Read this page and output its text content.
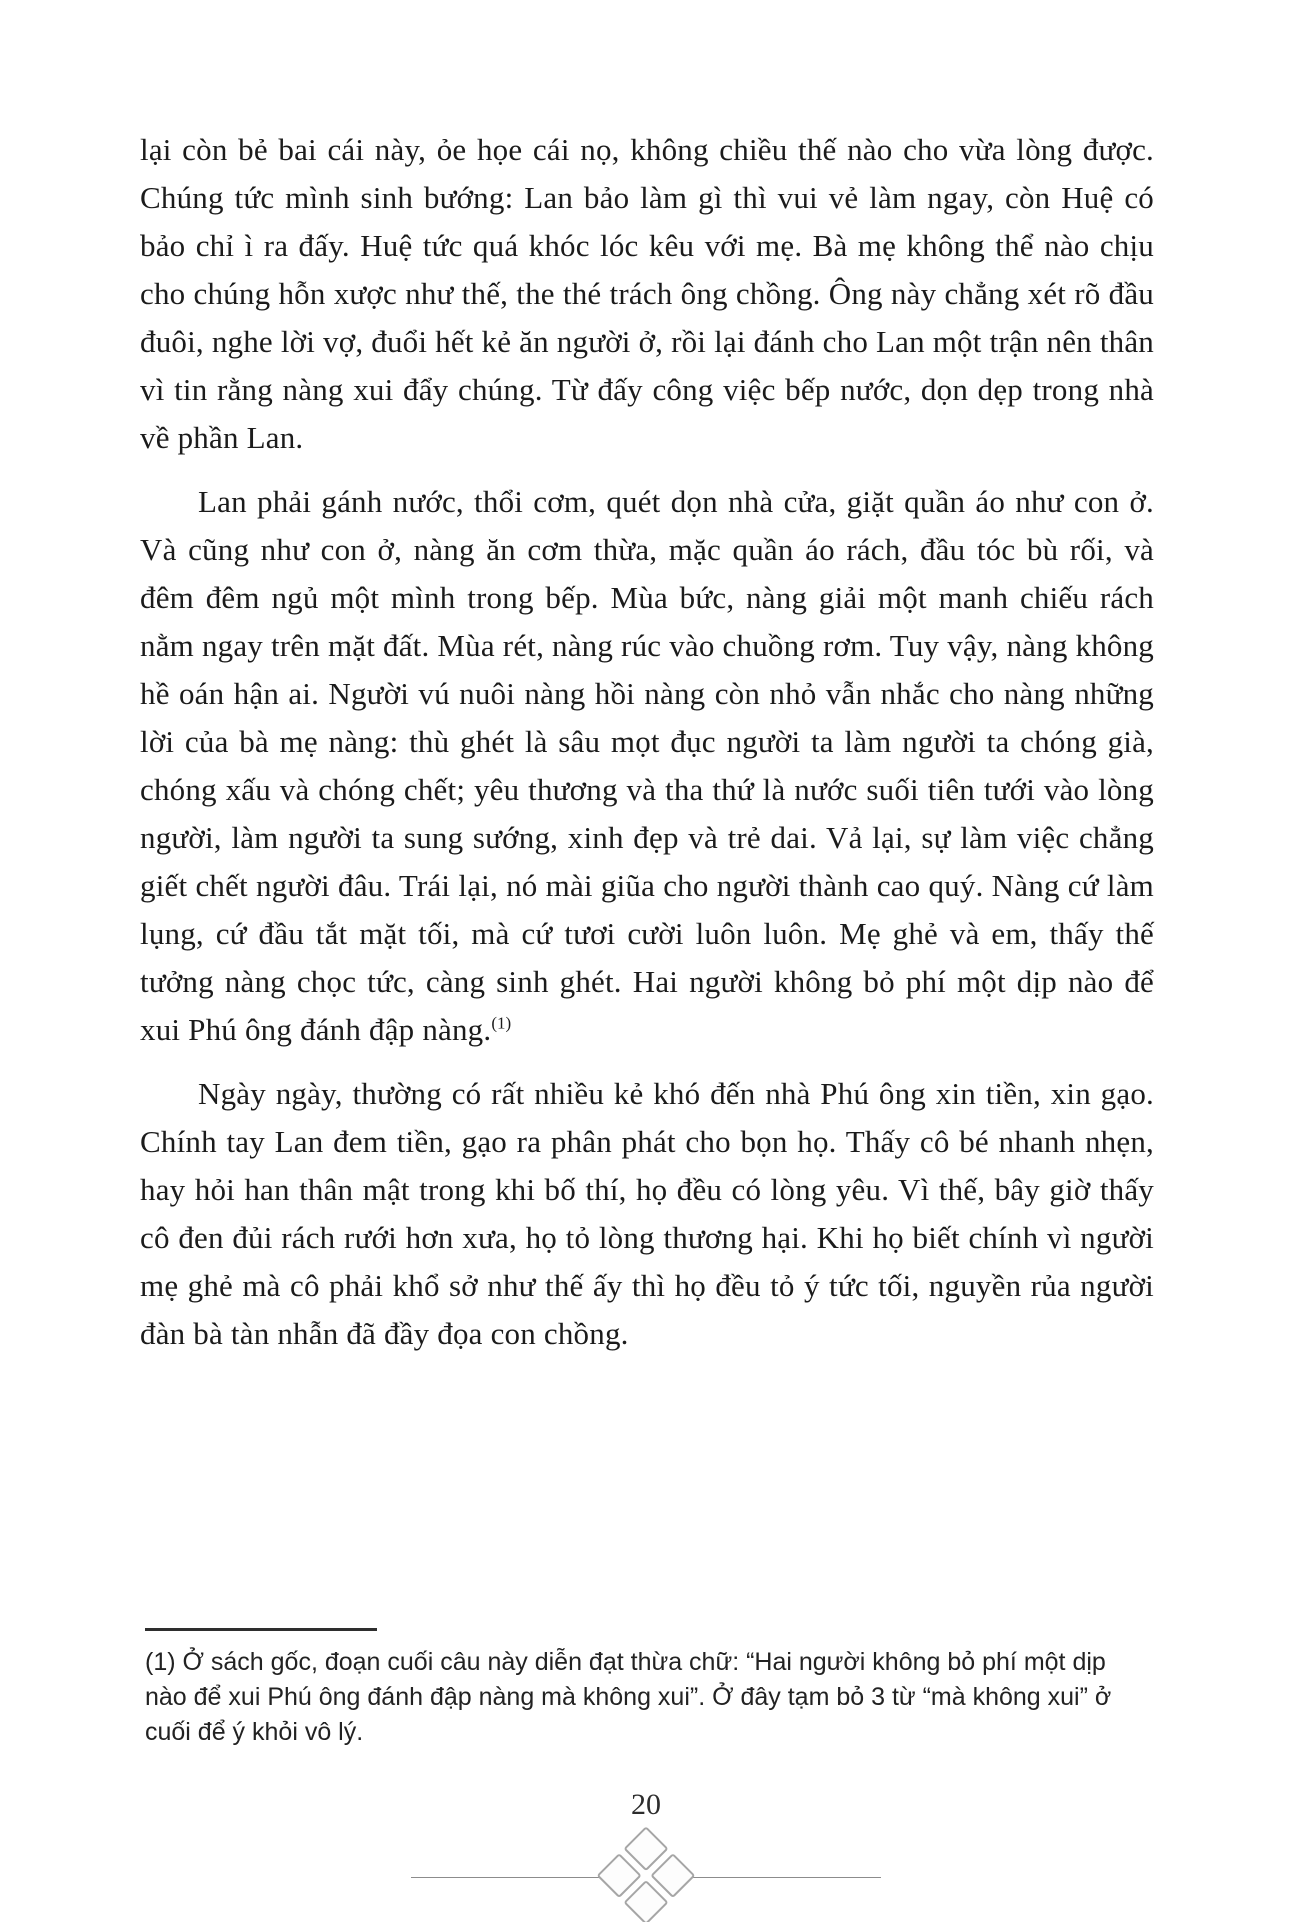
lại còn bẻ bai cái này, ỏe họe cái nọ, không chiều thế nào cho vừa lòng được. Chúng tức mình sinh bướng: Lan bảo làm gì thì vui vẻ làm ngay, còn Huệ có bảo chỉ ì ra đấy. Huệ tức quá khóc lóc kêu với mẹ. Bà mẹ không thể nào chịu cho chúng hỗn xược như thế, the thé trách ông chồng. Ông này chẳng xét rõ đầu đuôi, nghe lời vợ, đuổi hết kẻ ăn người ở, rồi lại đánh cho Lan một trận nên thân vì tin rằng nàng xui đẩy chúng. Từ đấy công việc bếp nước, dọn dẹp trong nhà về phần Lan.

Lan phải gánh nước, thổi cơm, quét dọn nhà cửa, giặt quần áo như con ở. Và cũng như con ở, nàng ăn cơm thừa, mặc quần áo rách, đầu tóc bù rối, và đêm đêm ngủ một mình trong bếp. Mùa bức, nàng giải một manh chiếu rách nằm ngay trên mặt đất. Mùa rét, nàng rúc vào chuồng rơm. Tuy vậy, nàng không hề oán hận ai. Người vú nuôi nàng hồi nàng còn nhỏ vẫn nhắc cho nàng những lời của bà mẹ nàng: thù ghét là sâu mọt đục người ta làm người ta chóng già, chóng xấu và chóng chết; yêu thương và tha thứ là nước suối tiên tưới vào lòng người, làm người ta sung sướng, xinh đẹp và trẻ dai. Vả lại, sự làm việc chẳng giết chết người đâu. Trái lại, nó mài giũa cho người thành cao quý. Nàng cứ làm lụng, cứ đầu tắt mặt tối, mà cứ tươi cười luôn luôn. Mẹ ghẻ và em, thấy thế tưởng nàng chọc tức, càng sinh ghét. Hai người không bỏ phí một dịp nào để xui Phú ông đánh đập nàng.$^{(1)}$

Ngày ngày, thường có rất nhiều kẻ khó đến nhà Phú ông xin tiền, xin gạo. Chính tay Lan đem tiền, gạo ra phân phát cho bọn họ. Thấy cô bé nhanh nhẹn, hay hỏi han thân mật trong khi bố thí, họ đều có lòng yêu. Vì thế, bây giờ thấy cô đen đủi rách rưới hơn xưa, họ tỏ lòng thương hại. Khi họ biết chính vì người mẹ ghẻ mà cô phải khổ sở như thế ấy thì họ đều tỏ ý tức tối, nguyền rủa người đàn bà tàn nhẫn đã đầy đọa con chồng.

(1) Ở sách gốc, đoạn cuối câu này diễn đạt thừa chữ: “Hai người không bỏ phí một dịp nào để xui Phú ông đánh đập nàng mà không xui”. Ở đây tạm bỏ 3 từ “mà không xui” ở cuối để ý khỏi vô lý.
20
